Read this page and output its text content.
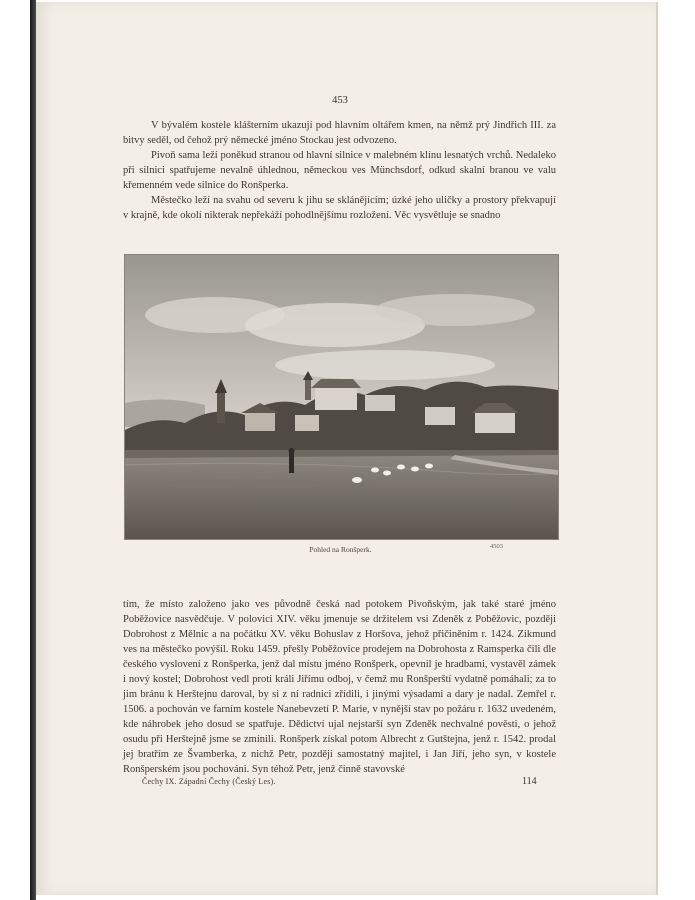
453

V bývalém kostele klášterním ukazují pod hlavním oltářem kmen, na němž prý Jindřich III. za bitvy seděl, od čehož prý německé jméno Stockau jest odvozeno.

Pivoň sama leží poněkud stranou od hlavní silnice v malebném klínu lesnatých vrchů. Nedaleko při silnici spatřujeme nevalně úhlednou, německou ves Münchsdorf, odkud skalní branou ve valu křemenném vede silnice do Ronšperka.

Městečko leží na svahu od severu k jihu se sklánějícím; úzké jeho uličky a prostory překvapují v krajně, kde okolí nikterak nepřekáží pohodlnějšímu rozložení. Věc vysvětluje se snadno

Pohled na Ronšperk.	4503

tím, že místo založeno jako ves původně česká nad potokem Pivoňským, jak také staré jméno Poběžovice nasvědčuje. V polovici XIV. věku jmenuje se držitelem vsi Zdeněk z Poběžovic, později Dobrohost z Mělnic a na počátku XV. věku Bohuslav z Horšova, jehož přičiněním r. 1424. Zikmund ves na městečko povýšil. Roku 1459. přešly Poběžovice prodejem na Dobrohosta z Ramsperka čili dle českého vyslovení z Ronšperka, jenž dal místu jméno Ronšperk, opevnil je hradbami, vystavěl zámek i nový kostel; Dobrohost vedl proti králi Jiřímu odboj, v čemž mu Ronšperští vydatně pomáhali; za to jim bránu k Herštejnu daroval, by si z ní radnici zřídili, i jinými výsadami a dary je nadal. Zemřel r. 1506. a pochován ve farním kostele Nanebevzetí P. Marie, v nynější stav po požáru r. 1632 uvedeném, kde náhrobek jeho dosud se spatřuje. Dědictví ujal nejstarší syn Zdeněk nechvalné pověsti, o jehož osudu při Herštejně jsme se zmínili. Ronšperk získal potom Albrecht z Gutštejna, jenž r. 1542. prodal jej bratřím ze Švamberka, z nichž Petr, později samostatný majitel, i Jan Jiří, jeho syn, v kostele Ronšperském jsou pochováni. Syn téhož Petr, jenž činně stavovské

Čechy IX. Západní Čechy (Český Les).	114
